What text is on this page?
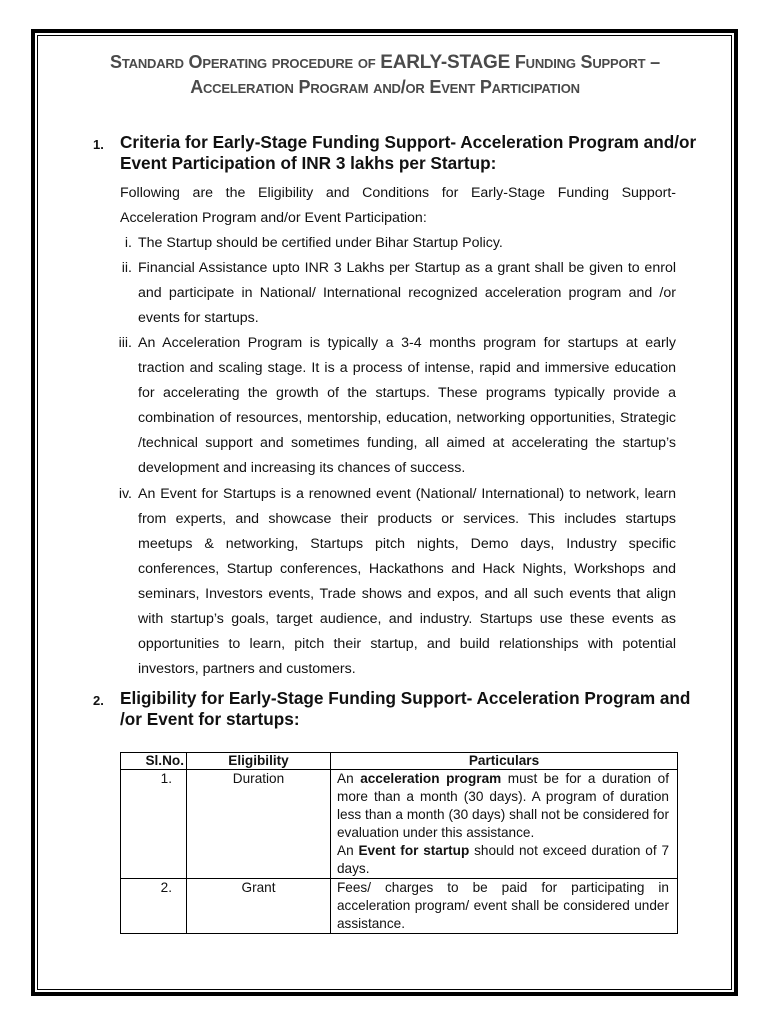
Standard Operating procedure of EARLY-STAGE Funding Support – Acceleration Program and/or Event Participation
1. Criteria for Early-Stage Funding Support- Acceleration Program and/or Event Participation of INR 3 lakhs per Startup:
Following are the Eligibility and Conditions for Early-Stage Funding Support- Acceleration Program and/or Event Participation:
i. The Startup should be certified under Bihar Startup Policy.
ii. Financial Assistance upto INR 3 Lakhs per Startup as a grant shall be given to enrol and participate in National/ International recognized acceleration program and /or events for startups.
iii. An Acceleration Program is typically a 3-4 months program for startups at early traction and scaling stage. It is a process of intense, rapid and immersive education for accelerating the growth of the startups. These programs typically provide a combination of resources, mentorship, education, networking opportunities, Strategic /technical support and sometimes funding, all aimed at accelerating the startup’s development and increasing its chances of success.
iv. An Event for Startups is a renowned event (National/ International) to network, learn from experts, and showcase their products or services. This includes startups meetups & networking, Startups pitch nights, Demo days, Industry specific conferences, Startup conferences, Hackathons and Hack Nights, Workshops and seminars, Investors events, Trade shows and expos, and all such events that align with startup’s goals, target audience, and industry. Startups use these events as opportunities to learn, pitch their startup, and build relationships with potential investors, partners and customers.
2. Eligibility for Early-Stage Funding Support- Acceleration Program and /or Event for startups:
Sl.No.	Eligibility	Particulars
1.	Duration	An acceleration program must be for a duration of more than a month (30 days). A program of duration less than a month (30 days) shall not be considered for evaluation under this assistance.
An Event for startup should not exceed duration of 7 days.

2.	Grant	Fees/ charges to be paid for participating in acceleration program/ event shall be considered under assistance.
